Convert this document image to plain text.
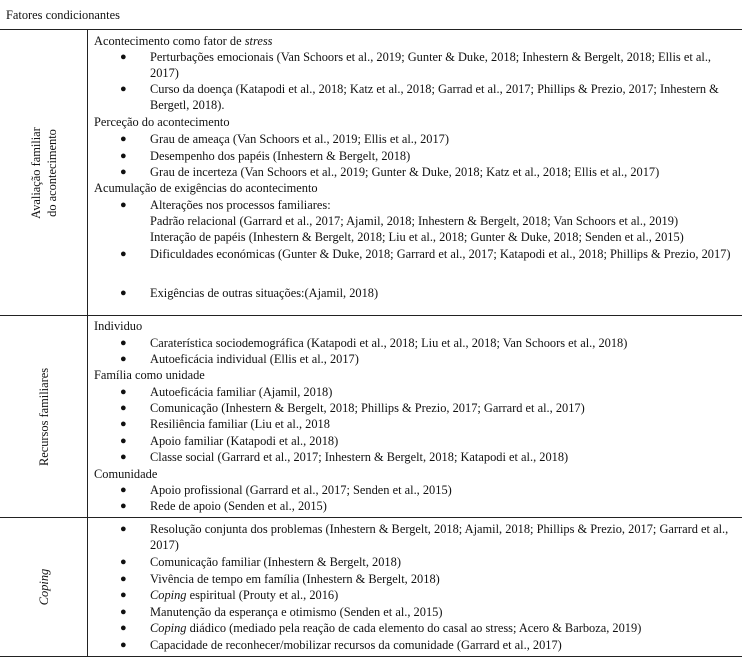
Fatores condicionantes
Avaliação familiar do acontecimento
Acontecimento como fator de stress
● Perturbações emocionais (Van Schoors et al., 2019; Gunter & Duke, 2018; Inhestern & Bergelt, 2018; Ellis et al., 2017)
● Curso da doença (Katapodi et al., 2018; Katz et al., 2018; Garrad et al., 2017; Phillips & Prezio, 2017; Inhestern & Bergetl, 2018).
Perceção do acontecimento
● Grau de ameaça (Van Schoors et al., 2019; Ellis et al., 2017)
● Desempenho dos papéis (Inhestern & Bergelt, 2018)
● Grau de incerteza (Van Schoors et al., 2019; Gunter & Duke, 2018; Katz et al., 2018; Ellis et al., 2017)
Acumulação de exigências do acontecimento
● Alterações nos processos familiares:
Padrão relacional (Garrard et al., 2017; Ajamil, 2018; Inhestern & Bergelt, 2018; Van Schoors et al., 2019)
Interação de papéis (Inhestern & Bergelt, 2018; Liu et al., 2018; Gunter & Duke, 2018; Senden et al., 2015)
● Dificuldades económicas (Gunter & Duke, 2018; Garrard et al., 2017; Katapodi et al., 2018; Phillips & Prezio, 2017)
● Exigências de outras situações:(Ajamil, 2018)
Recursos familiares
Individuo
● Caraterística sociodemográfica (Katapodi et al., 2018; Liu et al., 2018; Van Schoors et al., 2018)
● Autoeficácia individual (Ellis et al., 2017)
Família como unidade
● Autoeficácia familiar (Ajamil, 2018)
● Comunicação (Inhestern & Bergelt, 2018; Phillips & Prezio, 2017; Garrard et al., 2017)
● Resiliência familiar (Liu et al., 2018
● Apoio familiar (Katapodi et al., 2018)
● Classe social (Garrard et al., 2017; Inhestern & Bergelt, 2018; Katapodi et al., 2018)
Comunidade
● Apoio profissional (Garrard et al., 2017; Senden et al., 2015)
● Rede de apoio (Senden et al., 2015)
Coping
● Resolução conjunta dos problemas (Inhestern & Bergelt, 2018; Ajamil, 2018; Phillips & Prezio, 2017; Garrard et al., 2017)
● Comunicação familiar (Inhestern & Bergelt, 2018)
● Vivência de tempo em família (Inhestern & Bergelt, 2018)
● Coping espiritual (Prouty et al., 2016)
● Manutenção da esperança e otimismo (Senden et al., 2015)
● Coping diádico (mediado pela reação de cada elemento do casal ao stress; Acero & Barboza, 2019)
● Capacidade de reconhecer/mobilizar recursos da comunidade (Garrard et al., 2017)
